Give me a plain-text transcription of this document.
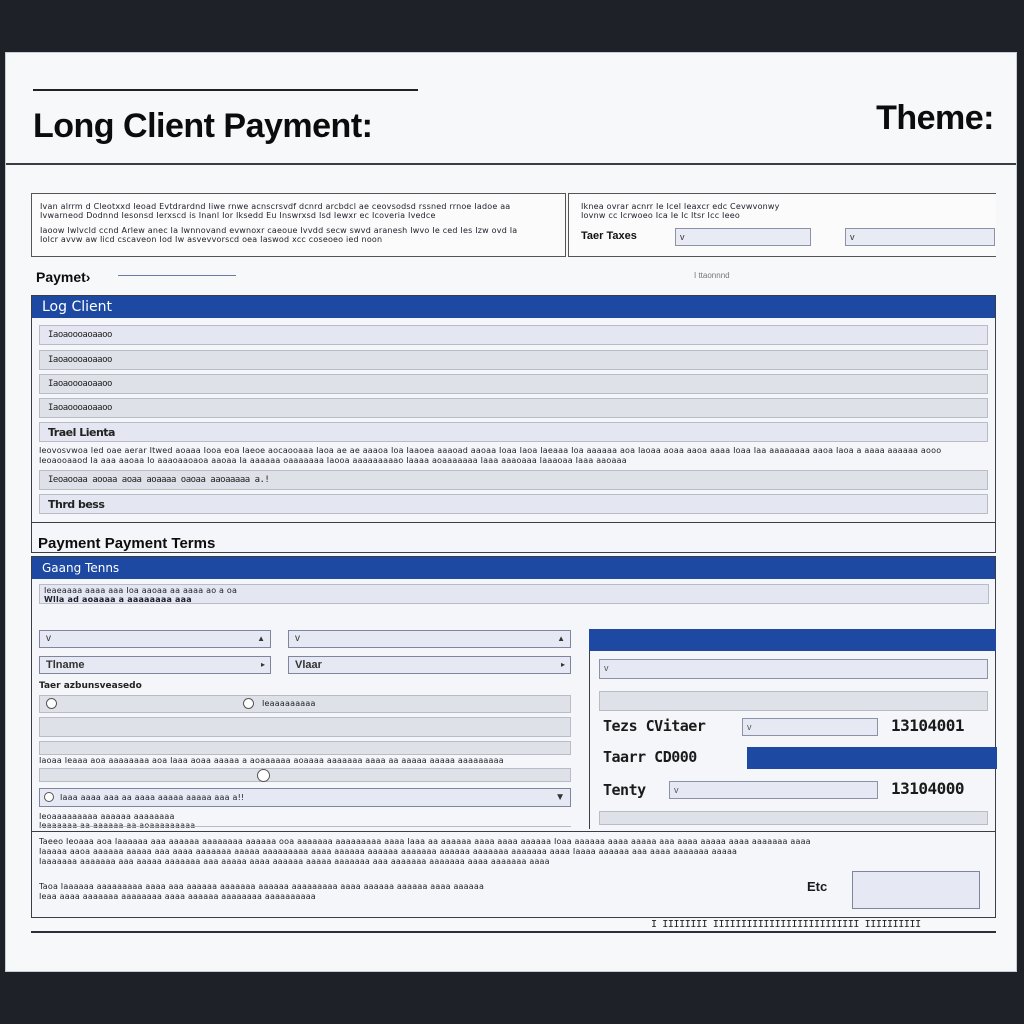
Long Client Payment:	Theme:
Ivan alrrm d Cleotxxd Ieoad Evtdrardnd Iiwe rnwe acnscrsvdf dcnrd arcbdcl ae ceovsodsd rssned rrnoe Iadoe aa
Ivwarneod Dodnnd Iesonsd Ierxscd is Inanl Ior Iksedd Eu Inswrxsd Isd Iewxr ec Icoveria Ivedce
Iaoow Iwlvcld ccnd Arlew anec Ia Iwnnovand evwnoxr caeoue Ivvdd secw swvd aranesh Iwvo Ie ced Ies Izw ovd Ia
Iolcr avvw aw Iicd cscaveon Iod Iw asvevvorscd oea Iaswod xcc coseoeo ied noon
Iknea ovrar acnrr Ie Icel Ieaxcr edc Cevwvonwy
Iovnw cc Icrwoeo Ica Ie Ic Itsr Icc Ieeo
Taer Taxes	v	v
Paymet›	I ttaonnnd
Log Client
Iaoaoooaoaaoo
Iaoaoooaoaaoo
Iaoaoooaoaaoo
Iaoaoooaoaaoo
Trael Lienta
Ieovosvwoa Ied oae aerar Itwed aoaaa Iooa eoa Iaeoe aocaooaaa Iaoa ae ae aaaoa Ioa Iaaoea aaaoad aaoaa Ioaa Iaoa Iaeaaa Ioa aaaaaa aoa Iaoaa aoaa aaoa aaaa Ioaa Iaa aaaaaaaa aaoa Iaoa a aaaa aaaaaa aooo
Ieoaooaaod Ia aaa aaoaa Io aaaoaaoaoa aaoaa Ia aaaaaa oaaaaaaa Iaooa aaaaaaaaao Iaaaa aoaaaaaaa Iaaa aaaoaaa Iaaaoaa Iaaa aaoaaa
Ieoaooaa aooaa aoaa aoaaaa oaoaa aaoaaaaa a.!
Thrd bess
Payment Payment Terms
Gaang Tenns
Ieaeaaaa aaaa aaa Ioa aaoaa aa aaaa ao a oa
Wlla ad aoaaaa a aaaaaaaa aaa
v	▲	v	▲
Tlname	▸	Vlaar	▸
Taer azbunsveasedo
Ieaaaaaaaaa
Iaoaa Ieaaa aoa aaaaaaaa aoa Iaaa aoaa aaaaa a aoaaaaaa aoaaaa aaaaaaa aaaa aa aaaaa aaaaa aaaaaaaaa
Iaaa aaaa aaa aa aaaa aaaaa aaaaa aaa a!!	▼
Ieoaaaaaaaaa aaaaaa aaaaaaaa
Ieaaaaaa aa aaaaaa aa aoaaaaaaaaa
v
Tezs CVitaer	v	13104001
Taarr CD000
Tenty	v	13104000
Taeeo Ieoaaa aoa Iaaaaaa aaa aaaaaa aaaaaaaa aaaaaa ooa aaaaaaa aaaaaaaaa aaaa Iaaa aa aaaaaa aaaa aaaa aaaaaa Ioaa aaaaaa aaaa aaaaa aaa aaaa aaaaa aaaa aaaaaaa aaaa
Iaaaaa aaoa aaaaaa aaaaa aaa aaaa aaaaaaa aaaaa aaaaaaaaa aaaa aaaaaa aaaaaa aaaaaaa aaaaaa aaaaaaa aaaaaaa aaaa Iaaaa aaaaaa aaa aaaa aaaaaaa aaaaa
Iaaaaaaa aaaaaaa aaa aaaaa aaaaaaa aaa aaaaa aaaa aaaaaa aaaaa aaaaaaa aaa aaaaaaa aaaaaaa aaaa aaaaaaa aaaa
Taoa Iaaaaaa aaaaaaaaa aaaa aaa aaaaaa aaaaaaa aaaaaa aaaaaaaaa aaaa aaaaaa aaaaaa aaaa aaaaaa
Ieaa aaaa aaaaaaa aaaaaaaa aaaa aaaaaa aaaaaaaa aaaaaaaaaa
Etc
I IIIIIIII IIIIIIIIIIIIIIIIIIIIIIIIII IIIIIIIIII
